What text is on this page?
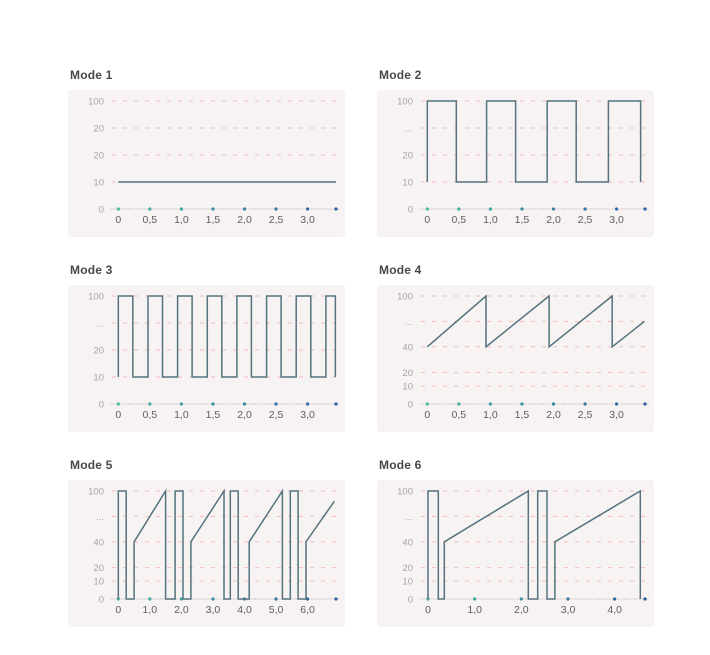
Mode 1
100
20
20
10
0
0 0,5 1,0 1,5 2,0 2,5 3,0
Mode 2
100
...
20
10
0
0 0,5 1,0 1,5 2,0 2,5 3,0
Mode 3
100
...
20
10
0
0 0,5 1,0 1,5 2,0 2,5 3,0
Mode 4
100
...
40
20
10
0
0 0,5 1,0 1,5 2,0 2,5 3,0
Mode 5
100
...
40
20
10
0
0 1,0 2,0 3,0 4,0 5,0 6,0
Mode 6
100
...
40
20
10
0
0	1,0	2,0	3,0	4,0
